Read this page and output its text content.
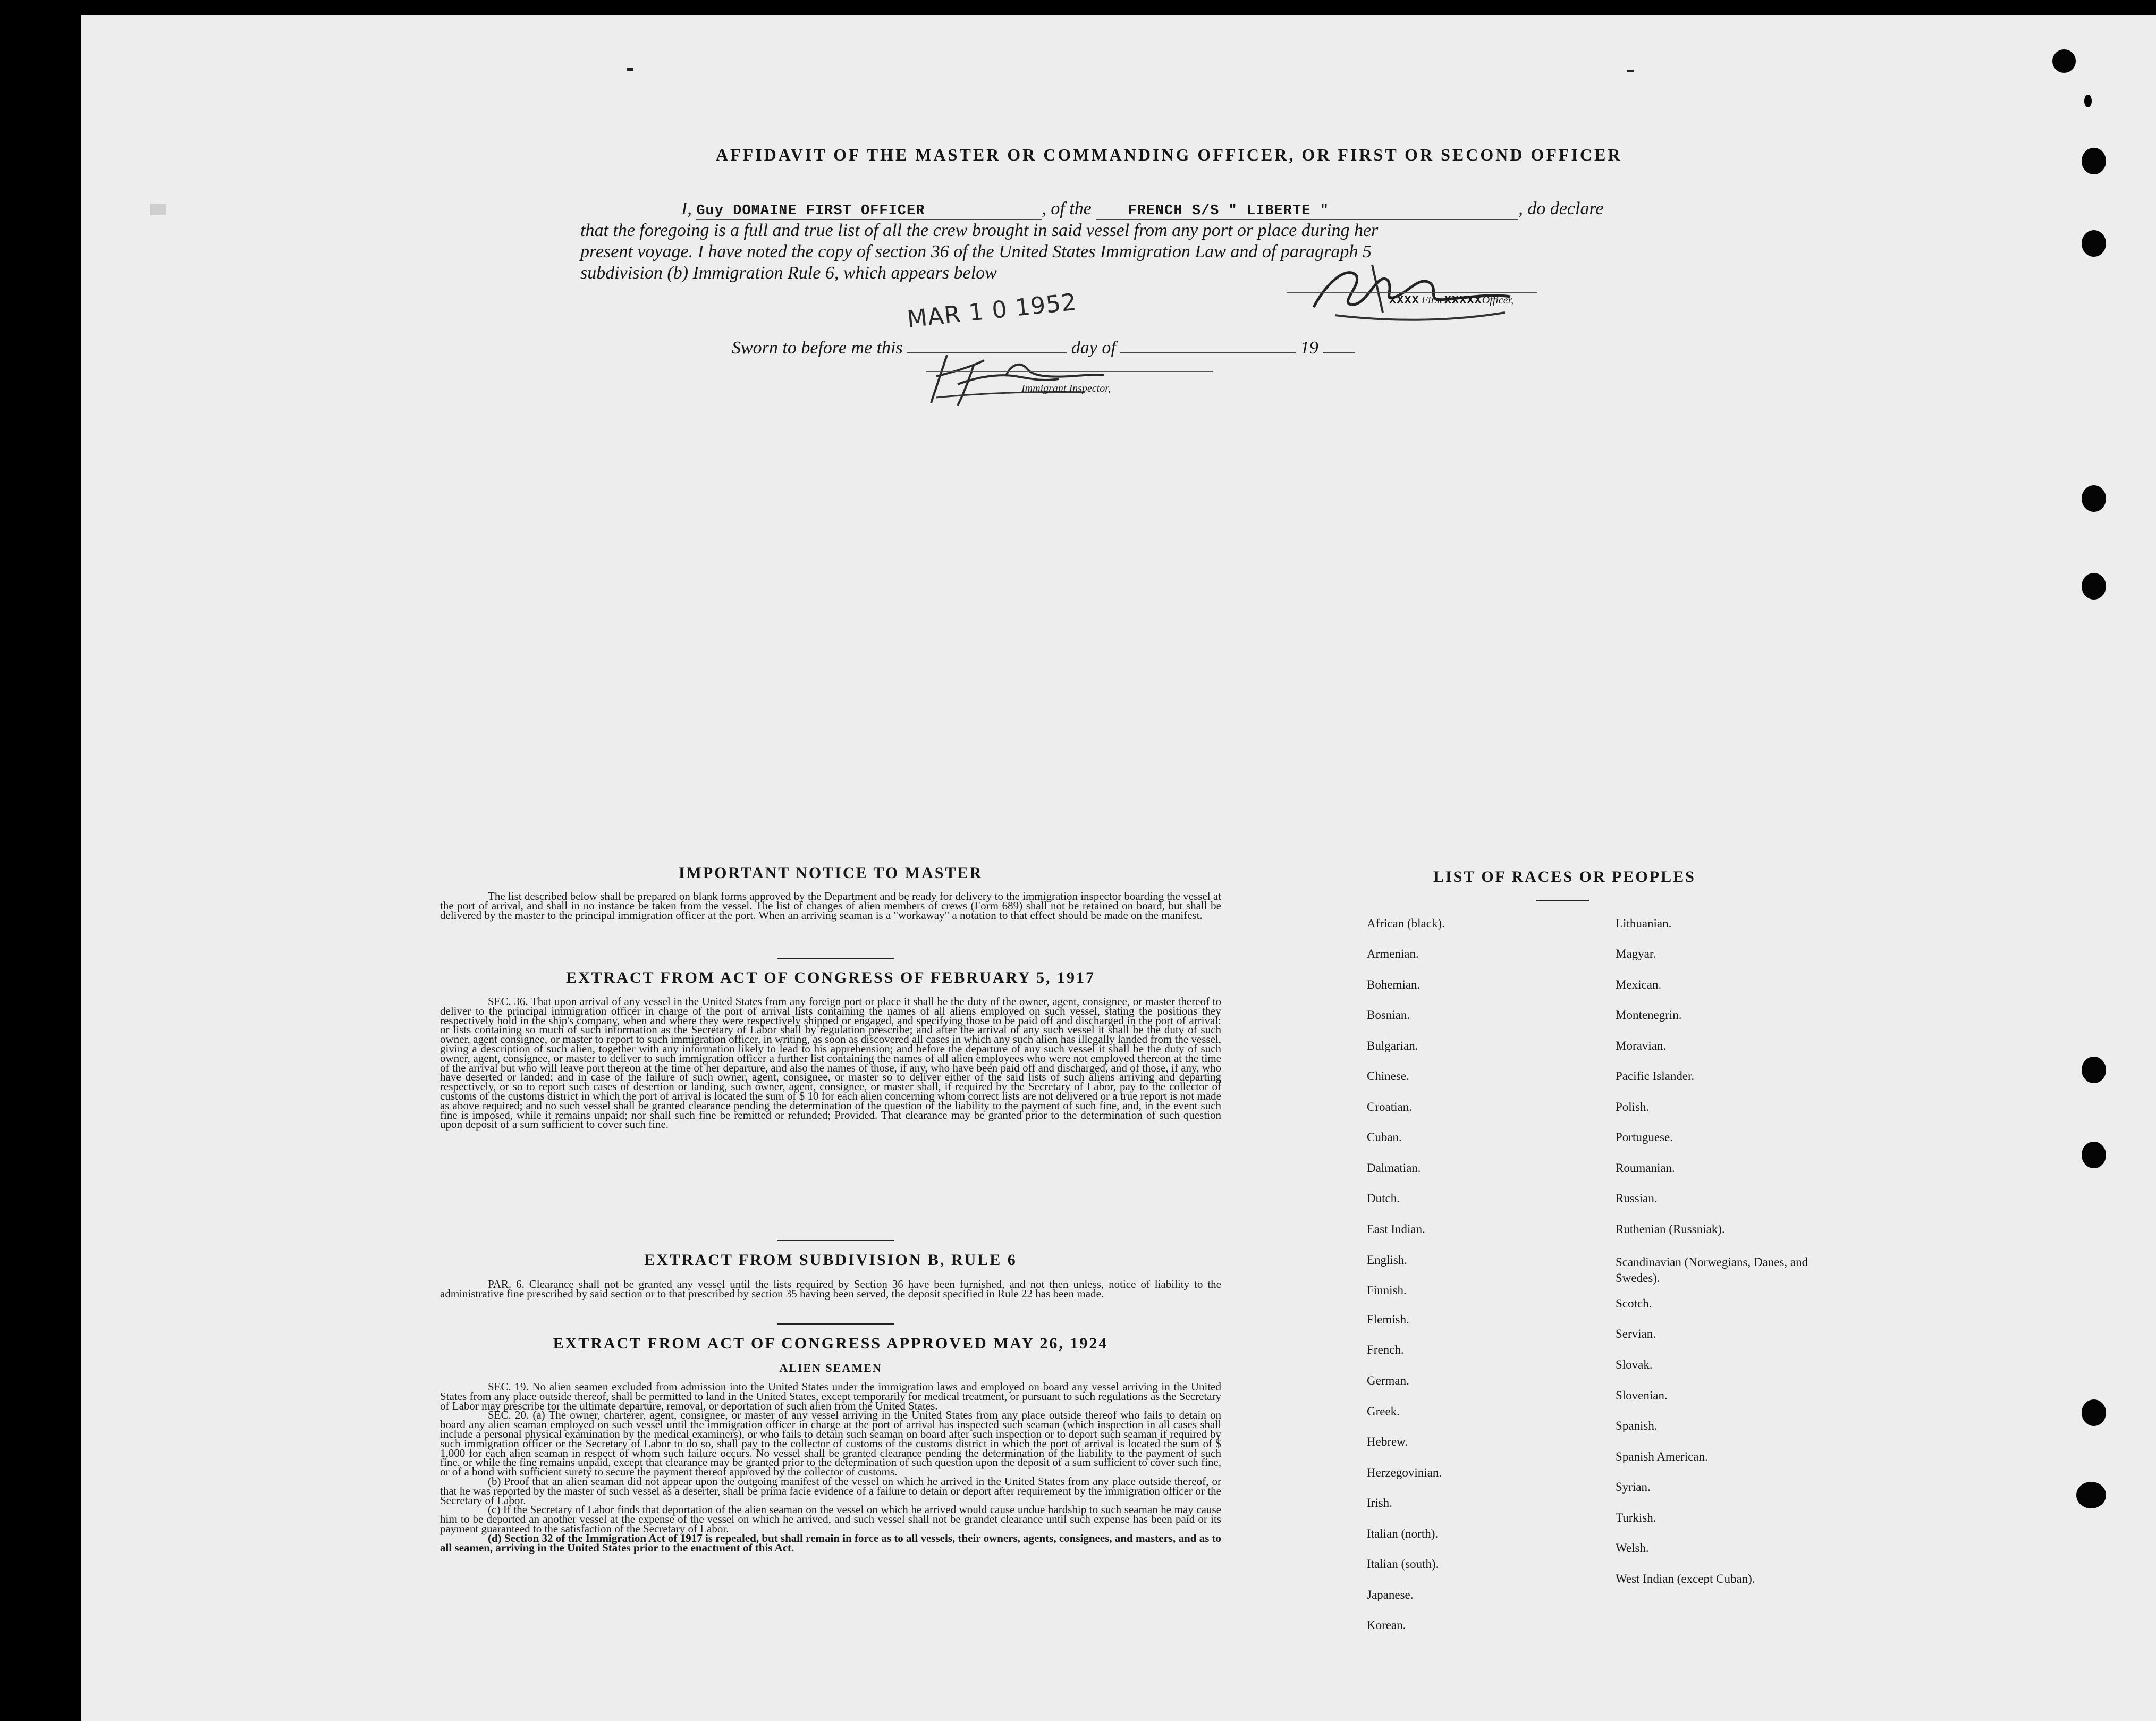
AFFIDAVIT OF THE MASTER OR COMMANDING OFFICER, OR FIRST OR SECOND OFFICER
I, Guy DOMAINE FIRST OFFICER	, of the	FRENCH S/S " LIBERTE "	, do declare
that the foregoing is a full and true list of all the crew brought in said vessel from any port or place during her
present voyage. I have noted the copy of section 36 of the United States Immigration Law and of paragraph 5
subdivision (b) Immigration Rule 6, which appears below
XXXX First XXXXXOfficer,
MAR 1 0 1952
Sworn to before me this	day of	19
Immigrant Inspector,
IMPORTANT NOTICE TO MASTER
The list described below shall be prepared on blank forms approved by the Department and be ready for delivery to the immigration inspector boarding the vessel at the port of arrival, and shall in no instance be taken from the vessel. The list of changes of alien members of crews (Form 689) shall not be retained on board, but shall be delivered by the master to the principal immigration officer at the port. When an arriving seaman is a "workaway" a notation to that effect should be made on the manifest.
EXTRACT FROM ACT OF CONGRESS OF FEBRUARY 5, 1917
SEC. 36. That upon arrival of any vessel in the United States from any foreign port or place it shall be the duty of the owner, agent, consignee, or master thereof to deliver to the principal immigration officer in charge of the port of arrival lists containing the names of all aliens employed on such vessel, stating the positions they respectively hold in the ship's company, when and where they were respectively shipped or engaged, and specifying those to be paid off and discharged in the port of arrival: or lists containing so much of such information as the Secretary of Labor shall by regulation prescribe; and after the arrival of any such vessel it shall be the duty of such owner, agent consignee, or master to report to such immigration officer, in writing, as soon as discovered all cases in which any such alien has illegally landed from the vessel, giving a description of such alien, together with any information likely to lead to his apprehension; and before the departure of any such vessel it shall be the duty of such owner, agent, consignee, or master to deliver to such immigration officer a further list containing the names of all alien employees who were not employed thereon at the time of the arrival but who will leave port thereon at the time of her departure, and also the names of those, if any, who have been paid off and discharged, and of those, if any, who have deserted or landed; and in case of the failure of such owner, agent, consignee, or master so to deliver either of the said lists of such aliens arriving and departing respectively, or so to report such cases of desertion or landing, such owner, agent, consignee, or master shall, if required by the Secretary of Labor, pay to the collector of customs of the customs district in which the port of arrival is located the sum of $ 10 for each alien concerning whom correct lists are not delivered or a true report is not made as above required; and no such vessel shall be granted clearance pending the determination of the question of the liability to the payment of such fine, and, in the event such fine is imposed, while it remains unpaid; nor shall such fine be remitted or refunded; Provided. That clearance may be granted prior to the determination of such question upon deposit of a sum sufficient to cover such fine.
EXTRACT FROM SUBDIVISION B, RULE 6
PAR. 6. Clearance shall not be granted any vessel until the lists required by Section 36 have been furnished, and not then unless, notice of liability to the administrative fine prescribed by said section or to that prescribed by section 35 having been served, the deposit specified in Rule 22 has been made.
EXTRACT FROM ACT OF CONGRESS APPROVED MAY 26, 1924
ALIEN SEAMEN
SEC. 19. No alien seamen excluded from admission into the United States under the immigration laws and employed on board any vessel arriving in the United States from any place outside thereof, shall be permitted to land in the United States, except temporarily for medical treatment, or pursuant to such regulations as the Secretary of Labor may prescribe for the ultimate departure, removal, or deportation of such alien from the United States.
SEC. 20. (a) The owner, charterer, agent, consignee, or master of any vessel arriving in the United States from any place outside thereof who fails to detain on board any alien seaman employed on such vessel until the immigration officer in charge at the port of arrival has inspected such seaman (which inspection in all cases shall include a personal physical examination by the medical examiners), or who fails to detain such seaman on board after such inspection or to deport such seaman if required by such immigration officer or the Secretary of Labor to do so, shall pay to the collector of customs of the customs district in which the port of arrival is located the sum of $ 1,000 for each alien seaman in respect of whom such failure occurs. No vessel shall be granted clearance pending the determination of the liability to the payment of such fine, or while the fine remains unpaid, except that clearance may be granted prior to the determination of such question upon the deposit of a sum sufficient to cover such fine, or of a bond with sufficient surety to secure the payment thereof approved by the collector of customs.
(b) Proof that an alien seaman did not appear upon the outgoing manifest of the vessel on which he arrived in the United States from any place outside thereof, or that he was reported by the master of such vessel as a deserter, shall be prima facie evidence of a failure to detain or deport after requirement by the immigration officer or the Secretary of Labor.
(c) If the Secretary of Labor finds that deportation of the alien seaman on the vessel on which he arrived would cause undue hardship to such seaman he may cause him to be deported an another vessel at the expense of the vessel on which he arrived, and such vessel shall not be grandet clearance until such expense has been paid or its payment guaranteed to the satisfaction of the Secretary of Labor.
(d) Section 32 of the Immigration Act of 1917 is repealed, but shall remain in force as to all vessels, their owners, agents, consignees, and masters, and as to all seamen, arriving in the United States prior to the enactment of this Act.
LIST OF RACES OR PEOPLES
African (black).
Armenian.
Bohemian.
Bosnian.
Bulgarian.
Chinese.
Croatian.
Cuban.
Dalmatian.
Dutch.
East Indian.
English.
Finnish.
Flemish.
French.
German.
Greek.
Hebrew.
Herzegovinian.
Irish.
Italian (north).
Italian (south).
Japanese.
Korean.
Lithuanian.
Magyar.
Mexican.
Montenegrin.
Moravian.
Pacific Islander.
Polish.
Portuguese.
Roumanian.
Russian.
Ruthenian (Russniak).
Scandinavian (Norwegians, Danes, and Swedes).
Scotch.
Servian.
Slovak.
Slovenian.
Spanish.
Spanish American.
Syrian.
Turkish.
Welsh.
West Indian (except Cuban).
